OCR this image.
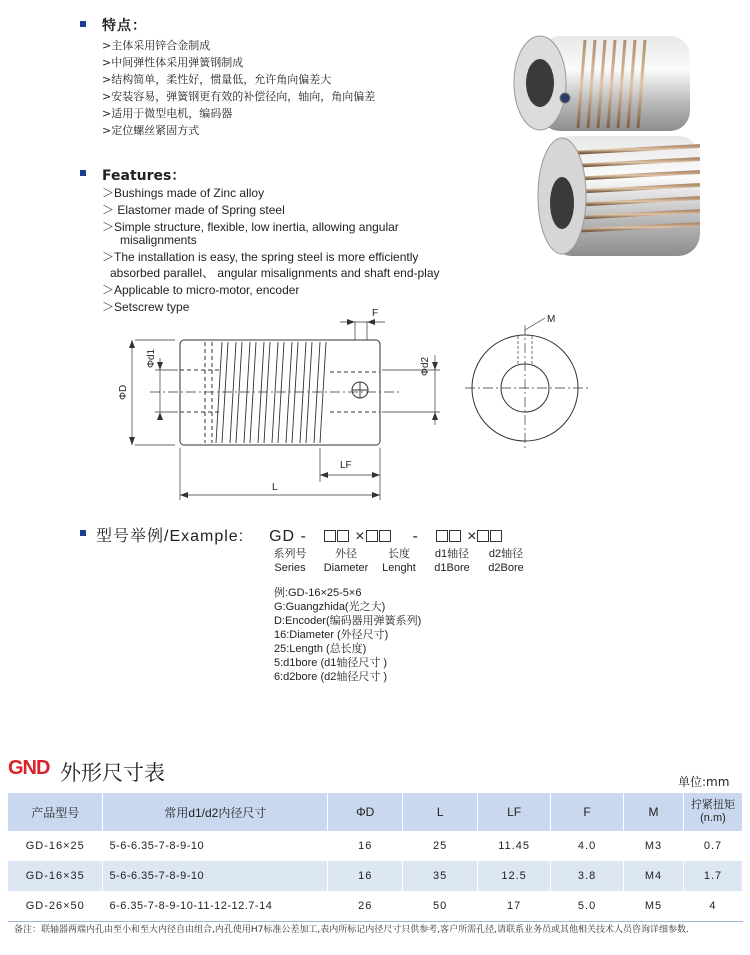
特点：
>主体采用锌合金制成
>中间弹性体采用弹簧钢制成
>结构简单，柔性好，惯量低，允许角向偏差大
>安装容易，弹簧钢更有效的补偿径向，轴向，角向偏差
>适用于微型电机，编码器
>定位螺丝紧固方式
Features：
＞Bushings made of Zinc alloy
＞ Elastomer made of Spring steel
＞Simple structure, flexible, low inertia, allowing angular
misalignments
＞The installation is easy, the spring steel is more efficiently
absorbed parallel、 angular misalignments and shaft end-play
＞Applicable to micro-motor, encoder
＞Setscrew type	F
M
Φd1
ΦD
Φd2
LF
L
型号举例/Example: GD -	×	-	×
系列号
Series
外径
Diameter
长度
Lenght
d1轴径
d1Bore
d2轴径
d2Bore
例:GD-16×25-5×6
G:Guangzhida(光之大)
D:Encoder(编码器用弹簧系列)
16:Diameter (外径尺寸)
25:Length (总长度)
5:d1bore (d1轴径尺寸 )
6:d2bore (d2轴径尺寸 )
GND 外形尺寸表	单位:mm
产品型号	常用d1/d2内径尺寸	ΦD	L	LF	F	M	拧紧扭矩
(n.m)

GD-16×25	5-6-6.35-7-8-9-10	16	25	11.45	4.0	M3	0.7
GD-16×35	5-6-6.35-7-8-9-10	16	35	12.5	3.8	M4	1.7
GD-26×50	6-6.35-7-8-9-10-11-12-12.7-14	26	50	17	5.0	M5	4
备注：联轴器两端内孔由至小和至大内径自由组合,内孔使用H7标准公差加工,表内所标记内径尺寸只供参考,客户所需孔径,请联系业务员或其他相关技术人员咨询详细参数.
